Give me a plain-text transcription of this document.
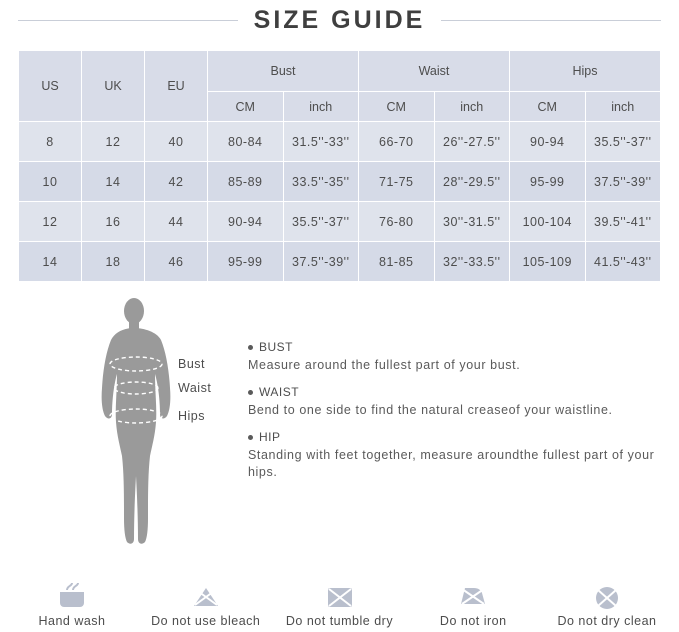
SIZE GUIDE
US	UK	EU	Bust		Waist		Hips	
			CM	inch	CM	inch	CM	inch
8	12	40	80-84	31.5''-33''	66-70	26''-27.5''	90-94	35.5''-37''
10	14	42	85-89	33.5''-35''	71-75	28''-29.5''	95-99	37.5''-39''
12	16	44	90-94	35.5''-37''	76-80	30''-31.5''	100-104	39.5''-41''
14	18	46	95-99	37.5''-39''	81-85	32''-33.5''	105-109	41.5''-43''
Bust
Waist
Hips
BUST
Measure around the fullest part of your bust.
WAIST
Bend to one side to find the natural creaseof your waistline.
HIP
Standing with feet together, measure aroundthe fullest part of your hips.
Hand wash	Do not use bleach	Do not tumble dry	Do not iron	Do not dry clean
